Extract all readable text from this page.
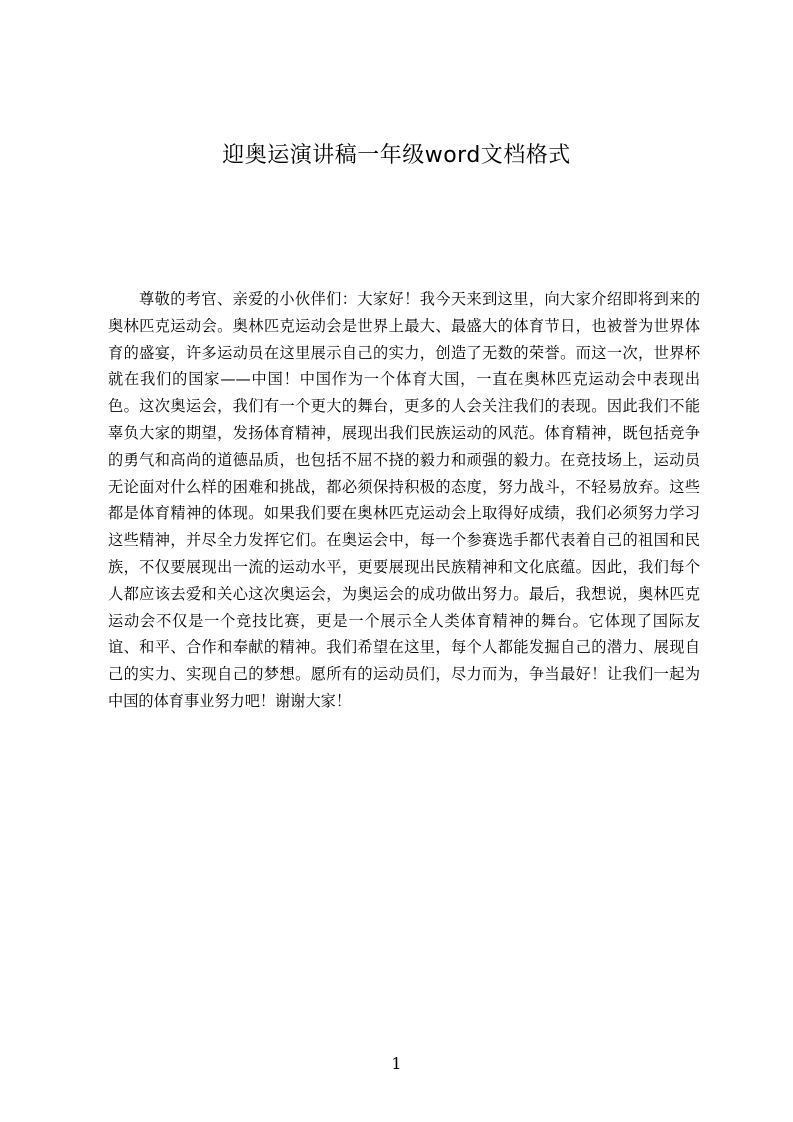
迎奥运演讲稿一年级word文档格式
尊敬的考官、亲爱的小伙伴们：大家好！我今天来到这里，向大家介绍即将到来的奥林匹克运动会。奥林匹克运动会是世界上最大、最盛大的体育节日，也被誉为世界体育的盛宴，许多运动员在这里展示自己的实力，创造了无数的荣誉。而这一次，世界杯就在我们的国家——中国！中国作为一个体育大国，一直在奥林匹克运动会中表现出色。这次奥运会，我们有一个更大的舞台，更多的人会关注我们的表现。因此我们不能辜负大家的期望，发扬体育精神，展现出我们民族运动的风范。体育精神，既包括竞争的勇气和高尚的道德品质，也包括不屈不挠的毅力和顽强的毅力。在竞技场上，运动员无论面对什么样的困难和挑战，都必须保持积极的态度，努力战斗，不轻易放弃。这些都是体育精神的体现。如果我们要在奥林匹克运动会上取得好成绩，我们必须努力学习这些精神，并尽全力发挥它们。在奥运会中，每一个参赛选手都代表着自己的祖国和民族，不仅要展现出一流的运动水平，更要展现出民族精神和文化底蕴。因此，我们每个人都应该去爱和关心这次奥运会，为奥运会的成功做出努力。最后，我想说，奥林匹克运动会不仅是一个竞技比赛，更是一个展示全人类体育精神的舞台。它体现了国际友谊、和平、合作和奉献的精神。我们希望在这里，每个人都能发掘自己的潜力、展现自己的实力、实现自己的梦想。愿所有的运动员们，尽力而为，争当最好！让我们一起为中国的体育事业努力吧！谢谢大家！
1
